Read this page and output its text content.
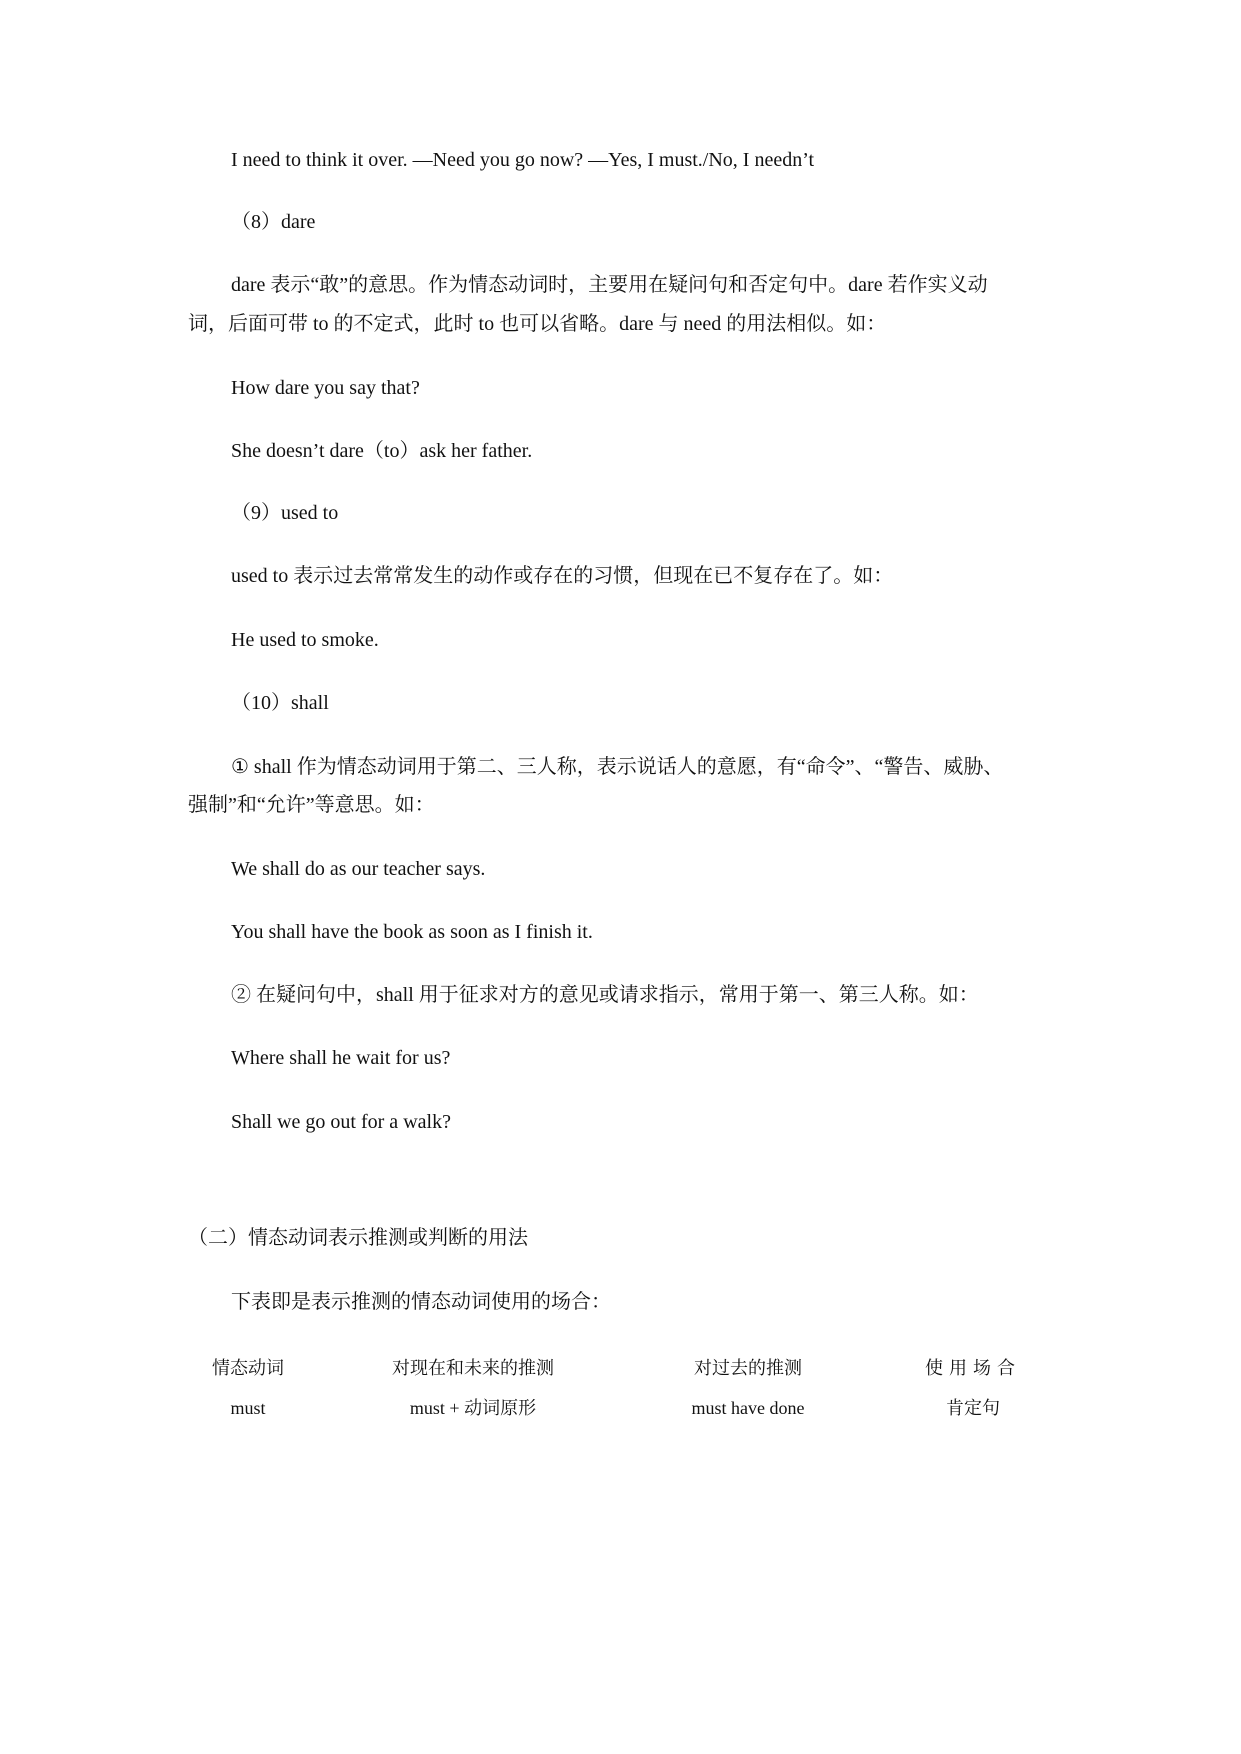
I need to think it over. —Need you go now? —Yes, I must./No, I needn’t
（8）dare
dare 表示“敢”的意思。作为情态动词时，主要用在疑问句和否定句中。dare 若作实义动
词，后面可带 to 的不定式，此时 to 也可以省略。dare 与 need 的用法相似。如：
How dare you say that?
She doesn’t dare（to）ask her father.
（9）used to
used to 表示过去常常发生的动作或存在的习惯，但现在已不复存在了。如：
He used to smoke.
（10）shall
① shall 作为情态动词用于第二、三人称，表示说话人的意愿，有“命令”、“警告、威胁、
强制”和“允许”等意思。如：
We shall do as our teacher says.
You shall have the book as soon as I finish it.
② 在疑问句中，shall 用于征求对方的意见或请求指示，常用于第一、第三人称。如：
Where shall he wait for us?
Shall we go out for a walk?
（二）情态动词表示推测或判断的用法
下表即是表示推测的情态动词使用的场合：
情态动词	对现在和未来的推测	对过去的推测	使用场合
must	must + 动词原形	must have done	肯定句
